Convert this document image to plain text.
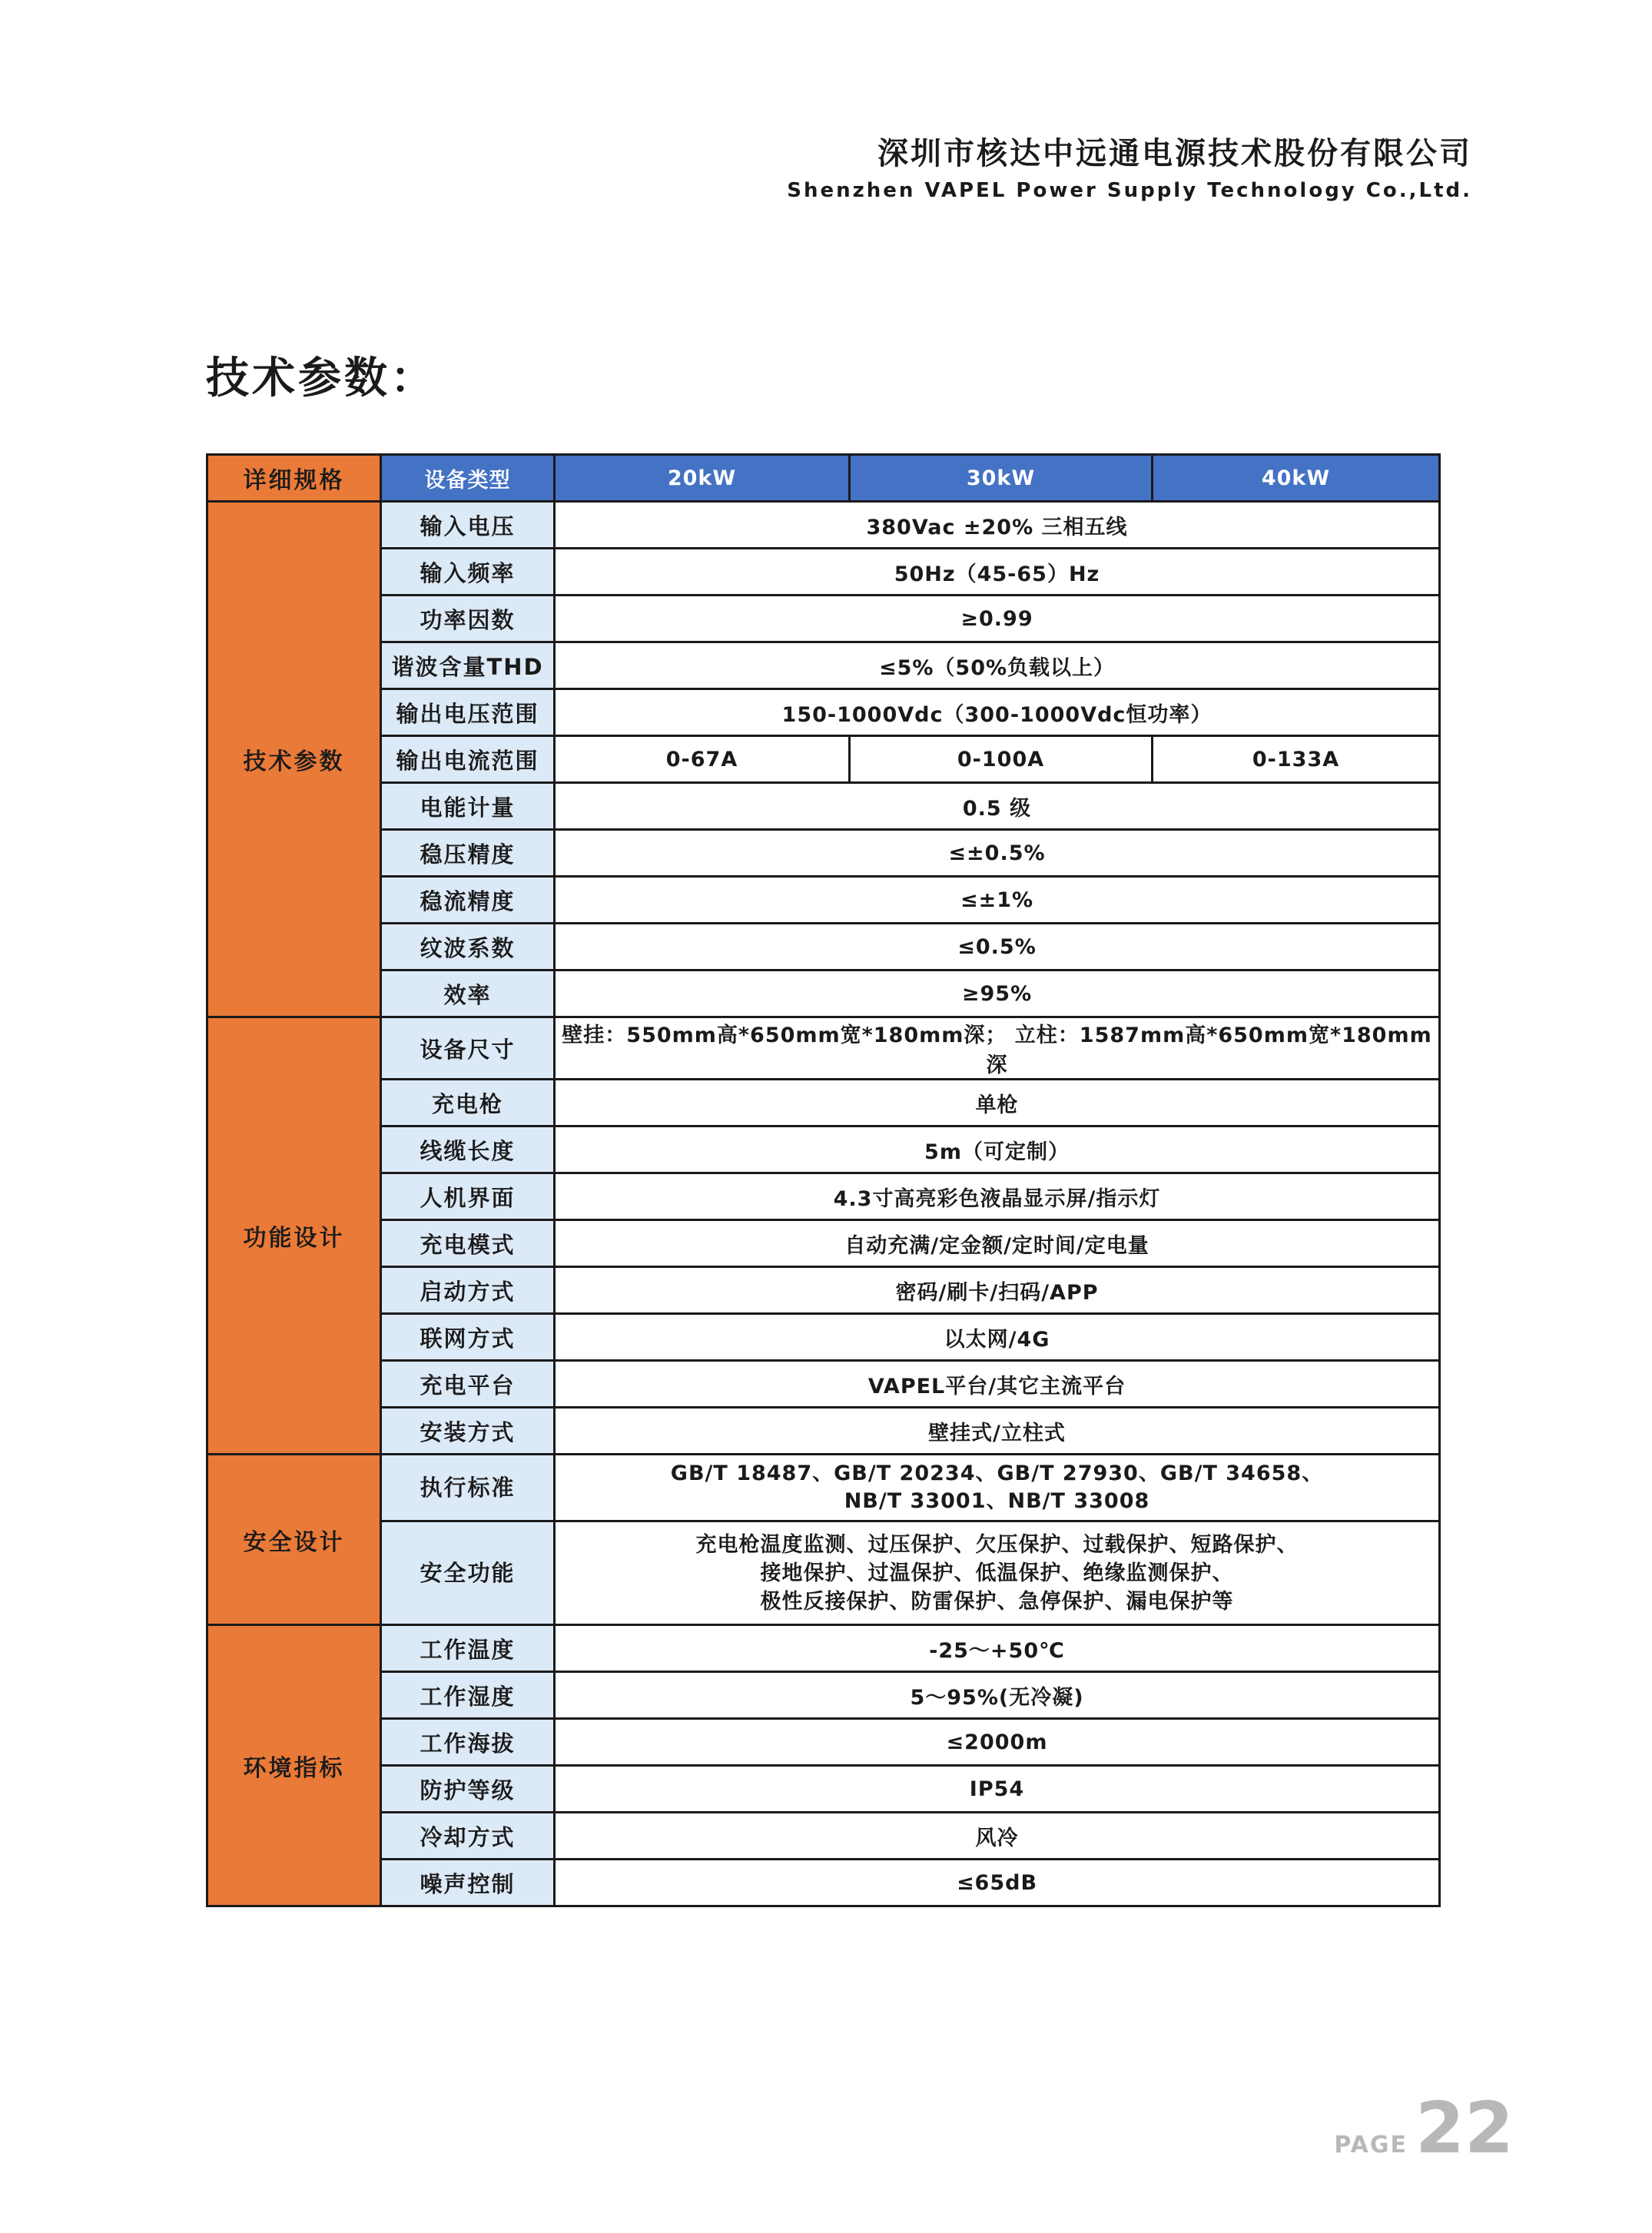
深圳市核达中远通电源技术股份有限公司
Shenzhen VAPEL Power Supply Technology Co.,Ltd.
技术参数：
详细规格	设备类型	20kW	30kW	40kW
技术参数	输入电压	380Vac ±20% 三相五线		
	输入频率	50Hz（45-65）Hz		
	功率因数	≥0.99		
	谐波含量THD	≤5%（50%负载以上）		
	输出电压范围	150-1000Vdc（300-1000Vdc恒功率）		
	输出电流范围	0-67A	0-100A	0-133A
	电能计量	0.5 级		
	稳压精度	≤±0.5%		
	稳流精度	≤±1%		
	纹波系数	≤0.5%		
	效率	≥95%		
功能设计	设备尺寸	壁挂：550mm高*650mm宽*180mm深； 立柱：1587mm高*650mm宽*180mm深		
	充电枪	单枪		
	线缆长度	5m（可定制）		
	人机界面	4.3寸高亮彩色液晶显示屏/指示灯		
	充电模式	自动充满/定金额/定时间/定电量		
	启动方式	密码/刷卡/扫码/APP		
	联网方式	以太网/4G		
	充电平台	VAPEL平台/其它主流平台		
	安装方式	壁挂式/立柱式		
安全设计	执行标准	GB/T 18487、GB/T 20234、GB/T 27930、GB/T 34658、
NB/T 33001、NB/T 33008		

	安全功能	充电枪温度监测、过压保护、欠压保护、过载保护、短路保护、
接地保护、过温保护、低温保护、绝缘监测保护、
极性反接保护、防雷保护、急停保护、漏电保护等		

环境指标	工作温度	-25～+50℃		
	工作湿度	5～95%(无冷凝)		
	工作海拔	≤2000m		
	防护等级	IP54		
	冷却方式	风冷		
	噪声控制	≤65dB		
PAGE 22
